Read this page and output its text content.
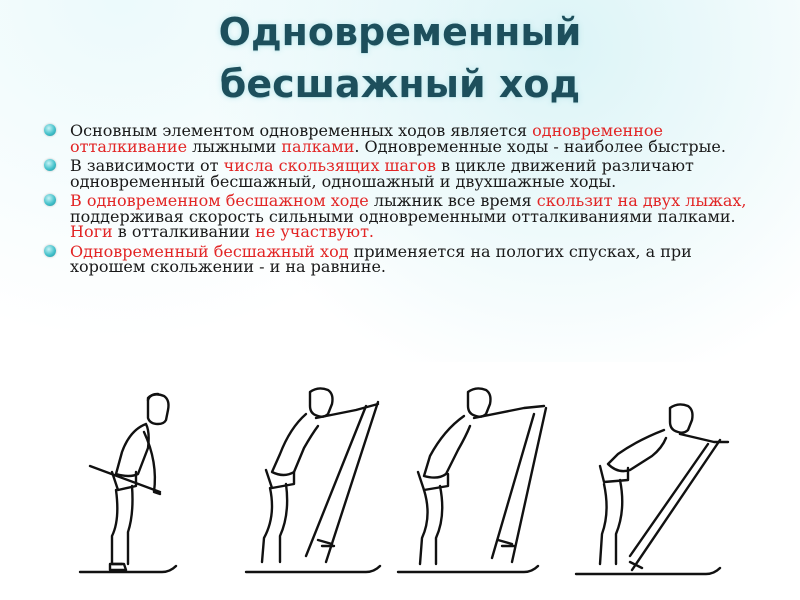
Одновременный
бесшажный ход
Основным элементом одновременных ходов является одновременное отталкивание лыжными палками. Одновременные ходы - наиболее быстрые.
В зависимости от числа скользящих шагов в цикле движений различают одновременный бесшажный, одношажный и двухшажные ходы.
В одновременном бесшажном ходе лыжник все время скользит на двух лыжах, поддерживая скорость сильными одновременными отталкиваниями палками. Ноги в отталкивании не участвуют.
Одновременный бесшажный ход применяется на пологих спусках, а при хорошем скольжении - и на равнине.
